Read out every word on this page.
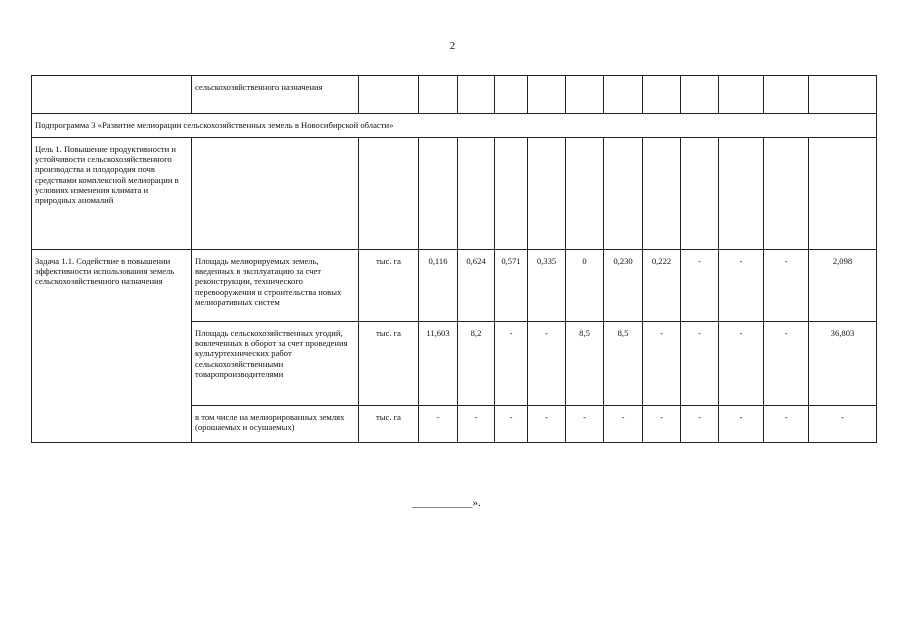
2
	сельскохозяйственного назначения												
Подпрограмма 3 «Развитие мелиорации сельскохозяйственных земель в Новосибирской области»													
Цель 1. Повышение продуктивности и устойчивости сельскохозяйственного производства и плодородия почв средствами комплексной мелиорации в условиях изменения климата и природных аномалий													
Задача 1.1. Содействие в повышении эффективности использования земель сельскохозяйственного назначения	Площадь мелиорируемых земель, введенных в эксплуатацию за счет реконструкции, технического перевооружения и строительства новых мелиоративных систем	тыс. га	0,116	0,624	0,571	0,335	0	0,230	0,222	-	-	-	2,098
	Площадь сельскохозяйственных угодий, вовлеченных в оборот за счет проведения культуртехнических работ сельскохозяйственными товаропроизводителями	тыс. га	11,603	8,2	-	-	8,5	8,5	-	-	-	-	36,803
	в том числе на мелиорированных землях (орошаемых и осушаемых)	тыс. га	-	-	-	-	-	-	-	-	-	-	-
___________».
